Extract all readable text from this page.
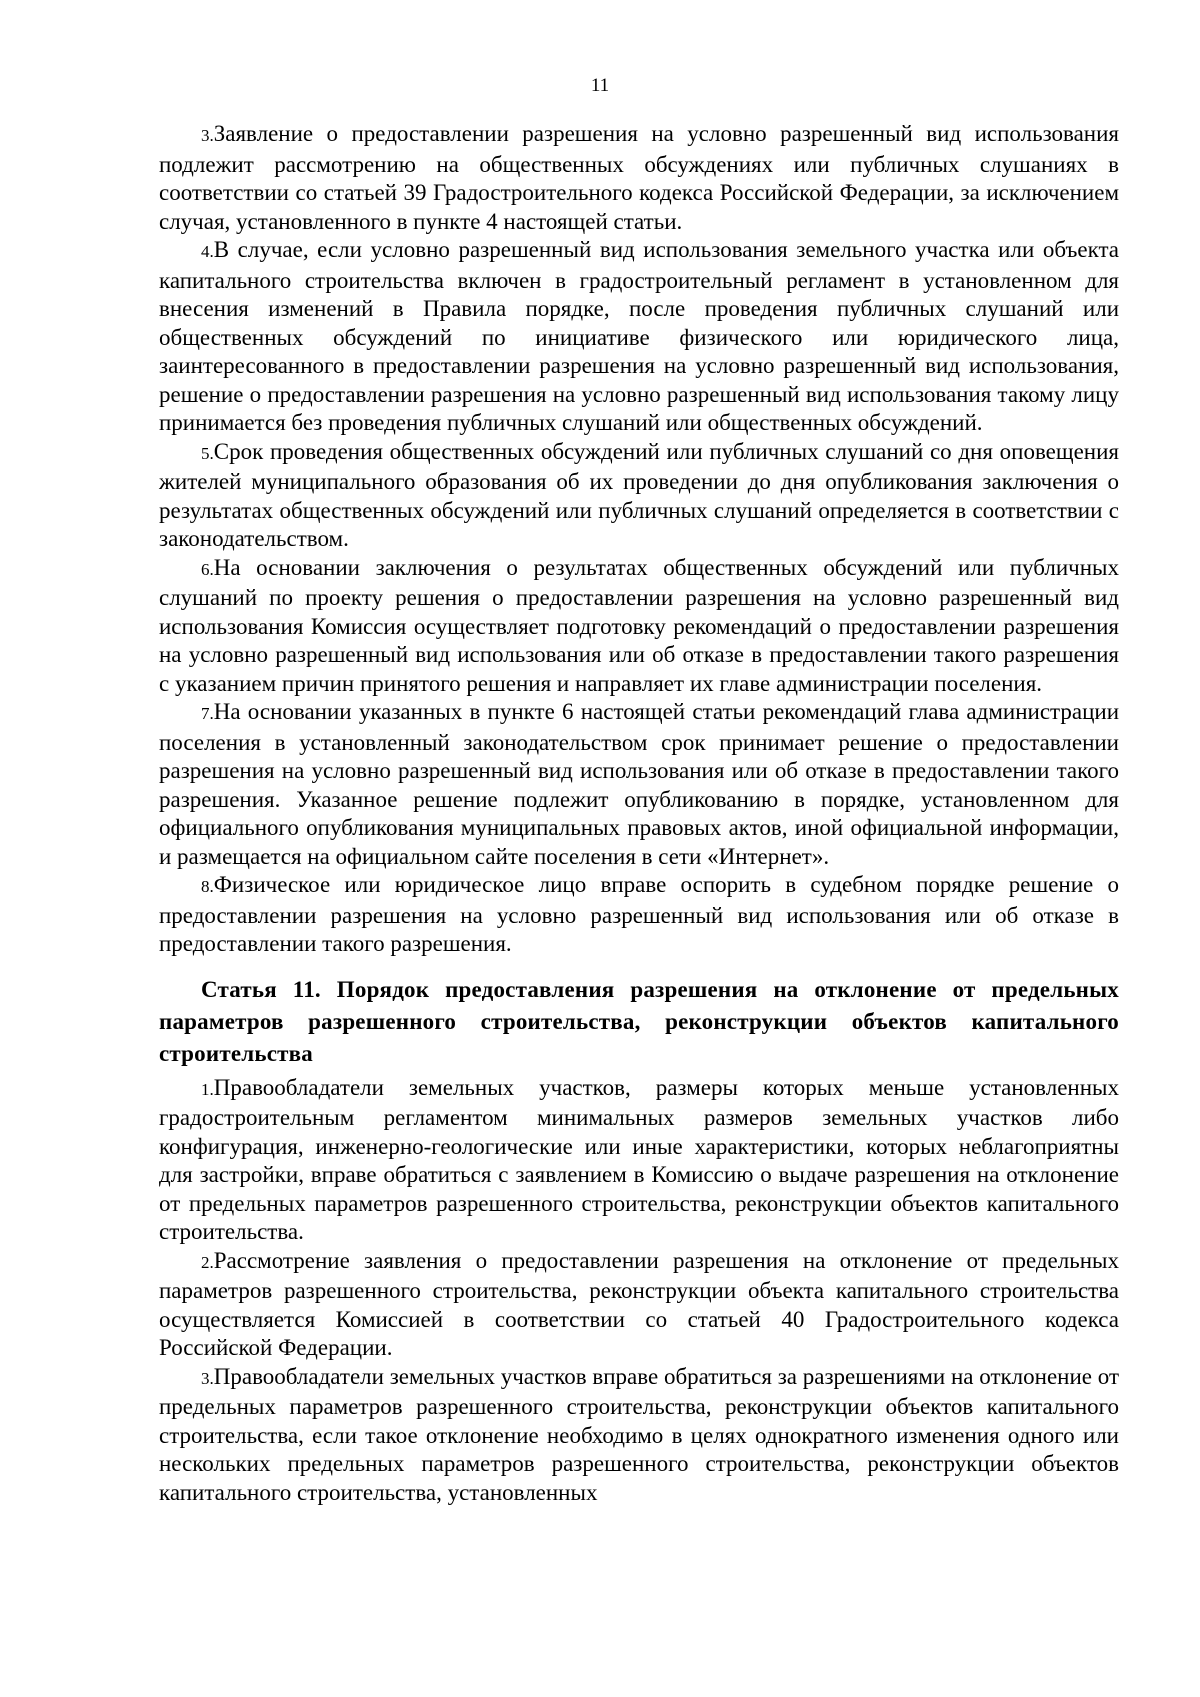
11

3.Заявление о предоставлении разрешения на условно разрешенный вид использования подлежит рассмотрению на общественных обсуждениях или публичных слушаниях в соответствии со статьей 39 Градостроительного кодекса Российской Федерации, за исключением случая, установленного в пункте 4 настоящей статьи.

4.В случае, если условно разрешенный вид использования земельного участка или объекта капитального строительства включен в градостроительный регламент в установленном для внесения изменений в Правила порядке, после проведения публичных слушаний или общественных обсуждений по инициативе физического или юридического лица, заинтересованного в предоставлении разрешения на условно разрешенный вид использования, решение о предоставлении разрешения на условно разрешенный вид использования такому лицу принимается без проведения публичных слушаний или общественных обсуждений.

5.Срок проведения общественных обсуждений или публичных слушаний со дня оповещения жителей муниципального образования об их проведении до дня опубликования заключения о результатах общественных обсуждений или публичных слушаний определяется в соответствии с законодательством.

6.На основании заключения о результатах общественных обсуждений или публичных слушаний по проекту решения о предоставлении разрешения на условно разрешенный вид использования Комиссия осуществляет подготовку рекомендаций о предоставлении разрешения на условно разрешенный вид использования или об отказе в предоставлении такого разрешения с указанием причин принятого решения и направляет их главе администрации поселения.

7.На основании указанных в пункте 6 настоящей статьи рекомендаций глава администрации поселения в установленный законодательством срок принимает решение о предоставлении разрешения на условно разрешенный вид использования или об отказе в предоставлении такого разрешения. Указанное решение подлежит опубликованию в порядке, установленном для официального опубликования муниципальных правовых актов, иной официальной информации, и размещается на официальном сайте поселения в сети «Интернет».

8.Физическое или юридическое лицо вправе оспорить в судебном порядке решение о предоставлении разрешения на условно разрешенный вид использования или об отказе в предоставлении такого разрешения.

Статья 11. Порядок предоставления разрешения на отклонение от предельных параметров разрешенного строительства, реконструкции объектов капитального строительства

1.Правообладатели земельных участков, размеры которых меньше установленных градостроительным регламентом минимальных размеров земельных участков либо конфигурация, инженерно-геологические или иные характеристики, которых неблагоприятны для застройки, вправе обратиться с заявлением в Комиссию о выдаче разрешения на отклонение от предельных параметров разрешенного строительства, реконструкции объектов капитального строительства.

2.Рассмотрение заявления о предоставлении разрешения на отклонение от предельных параметров разрешенного строительства, реконструкции объекта капитального строительства осуществляется Комиссией в соответствии со статьей 40 Градостроительного кодекса Российской Федерации.

3.Правообладатели земельных участков вправе обратиться за разрешениями на отклонение от предельных параметров разрешенного строительства, реконструкции объектов капитального строительства, если такое отклонение необходимо в целях однократного изменения одного или нескольких предельных параметров разрешенного строительства, реконструкции объектов капитального строительства, установленных
